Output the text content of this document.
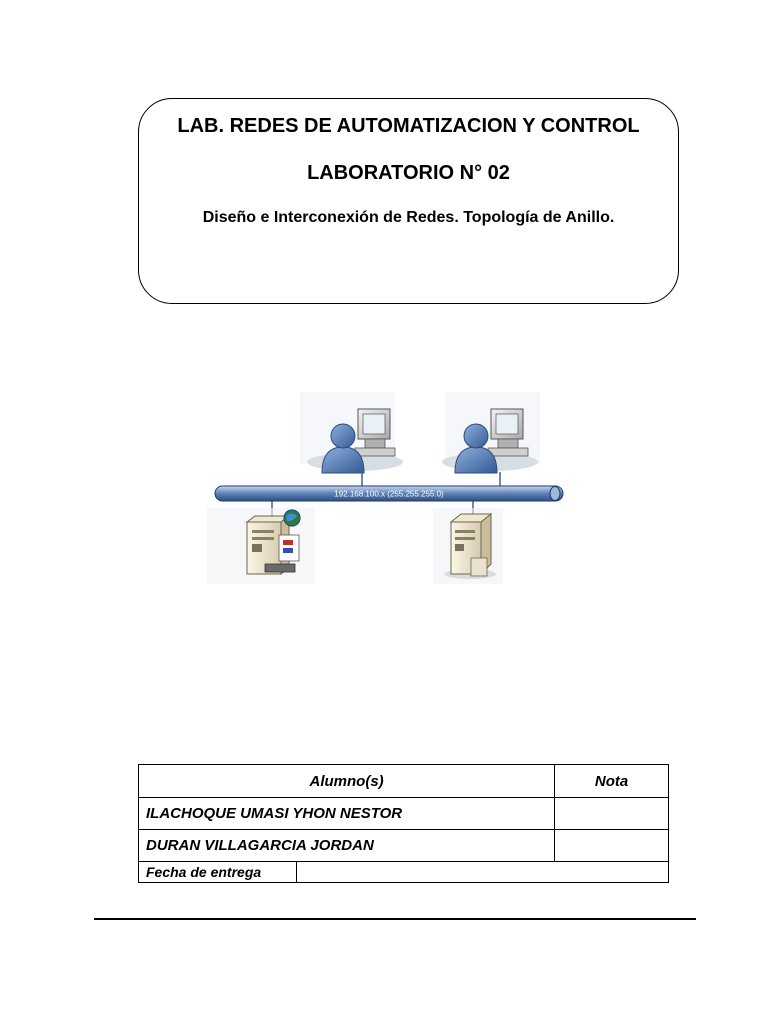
LAB. REDES DE AUTOMATIZACION Y CONTROL
LABORATORIO N° 02
Diseño e Interconexión de Redes. Topología de Anillo.
192.168.100.x (255.255.255.0)
Alumno(s)		Nota
ILACHOQUE UMASI YHON NESTOR		
DURAN VILLAGARCIA JORDAN		
Fecha de entrega		
